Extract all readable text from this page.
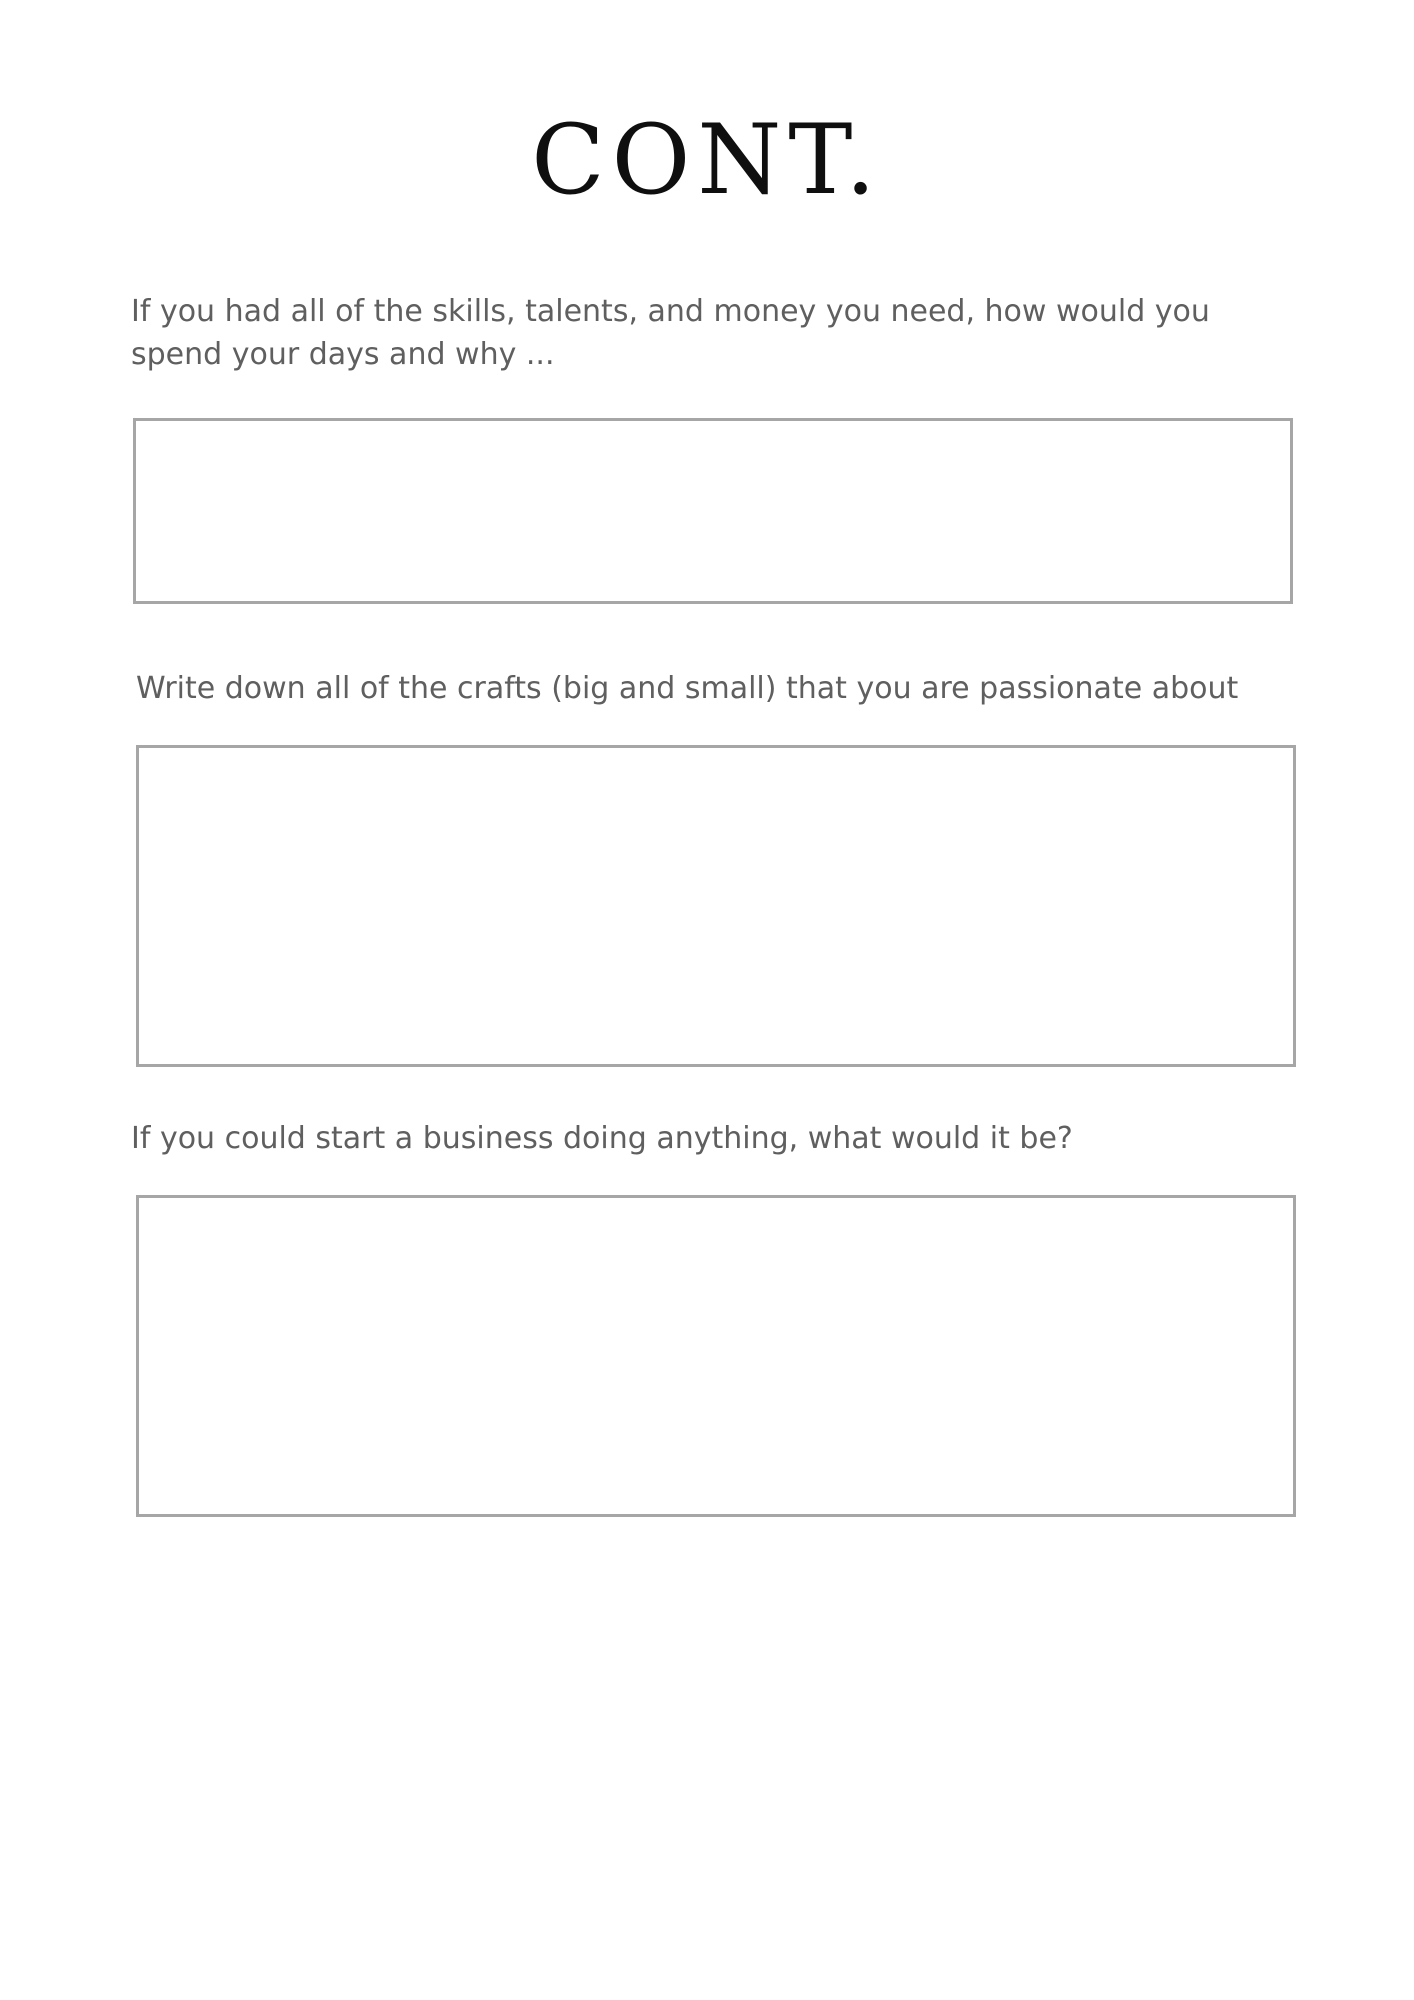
CONT.
If you had all of the skills, talents, and money you need, how would you spend your days and why ...
Write down all of the crafts (big and small) that you are passionate about
If you could start a business doing anything, what would it be?
